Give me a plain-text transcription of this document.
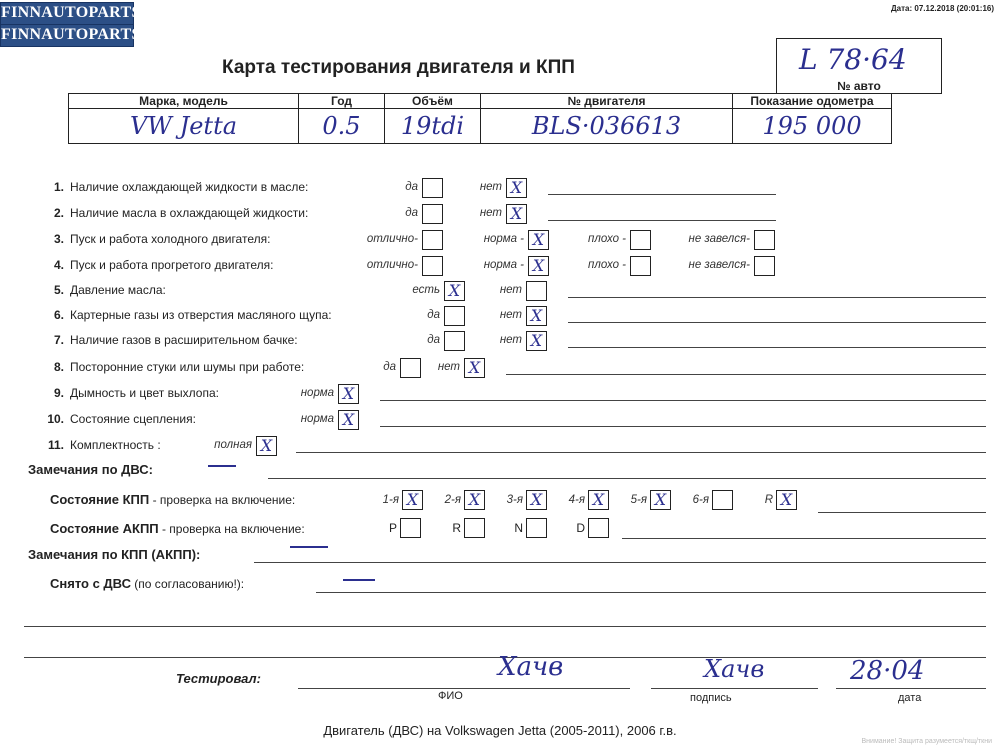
FINNAUTOPARTS
FINNAUTOPARTS
Дата: 07.12.2018 (20:01:16)
Карта тестирования двигателя и КПП	L 78·64
№ авто
Марка, модель	Год	Объём	№ двигателя	Показание одометра
VW Jetta	0.5	19tdi	BLS·036613	195 000
1. Наличие охлаждающей жидкости в масле:	да	нет X
2. Наличие масла в охлаждающей жидкости:	да	нет X
3. Пуск и работа холодного двигателя:	отлично-	норма - X	плохо -	не завелся-
4. Пуск и работа прогретого двигателя:	отлично-	норма - X	плохо -	не завелся-
5. Давление масла:	есть X	нет
6. Картерные газы из отверстия масляного щупа:	да	нет X
7. Наличие газов в расширительном бачке:	да	нет X
8. Посторонние стуки или шумы при работе:	да	нет X
9. Дымность и цвет выхлопа:	норма X
10. Состояние сцепления:	норма X
11. Комплектность :	полная X
Замечания по ДВС:
Состояние КПП - проверка на включение:	1-я X	2-я X	3-я X	4-я X	5-я X	6-я	R X
Состояние АКПП - проверка на включение:	P	R	N	D
Замечания по КПП (АКПП):
Снято с ДВС (по согласованию!):
Тестировал:	Хачв
ФИО
Хачв
подпись
28·04
дата
Двигатель (ДВС) на Volkswagen Jetta (2005-2011), 2006 г.в.
Внимание! Защита разумеется/ткщ/ткни
